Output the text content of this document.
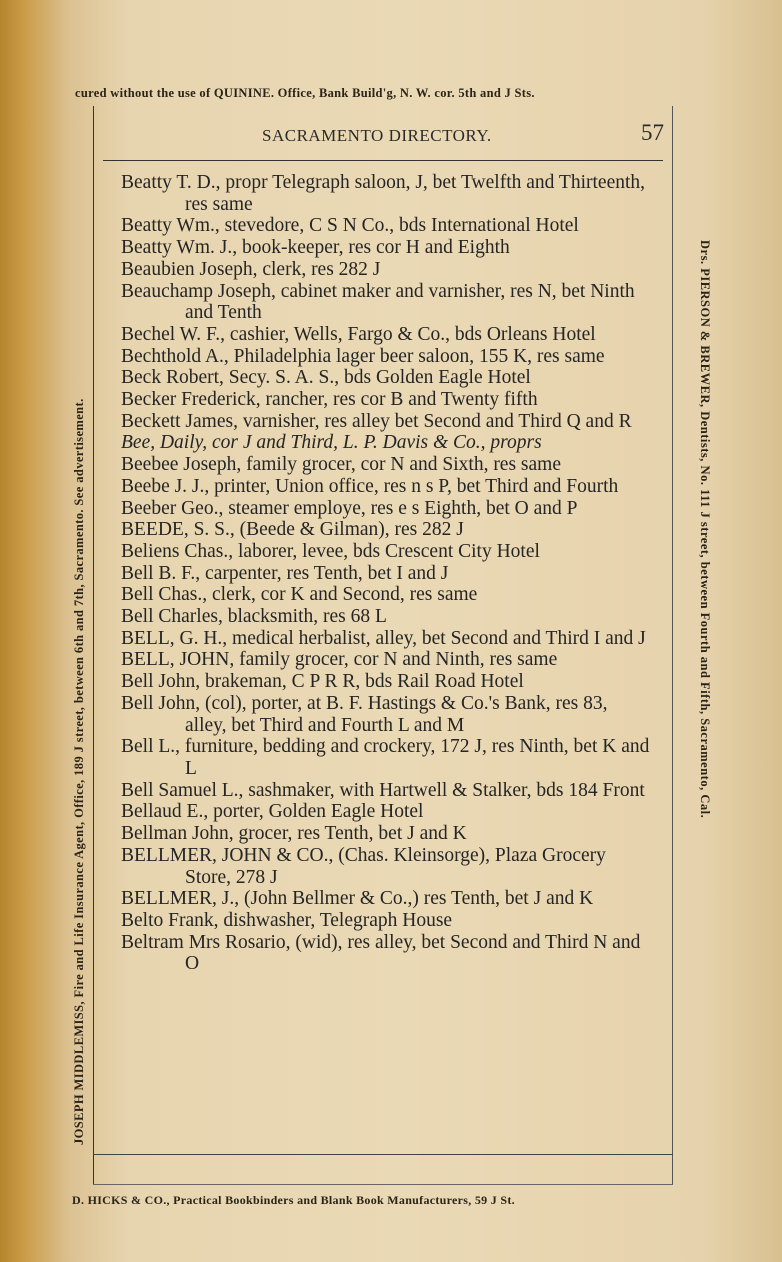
cured without the use of QUININE. Office, Bank Build'g, N. W. cor. 5th and J Sts.
JOSEPH MIDDLEMISS, Fire and Life Insurance Agent, Office, 189 J street, between 6th and 7th, Sacramento. See advertisement.	Drs. PIERSON & BREWER, Dentists, No. 111 J street, between Fourth and Fifth, Sacramento, Cal.
SACRAMENTO DIRECTORY.	57
Beatty T. D., propr Telegraph saloon, J, bet Twelfth and Thirteenth, res same
Beatty Wm., stevedore, C S N Co., bds International Hotel
Beatty Wm. J., book-keeper, res cor H and Eighth
Beaubien Joseph, clerk, res 282 J
Beauchamp Joseph, cabinet maker and varnisher, res N, bet Ninth and Tenth
Bechel W. F., cashier, Wells, Fargo & Co., bds Orleans Hotel
Bechthold A., Philadelphia lager beer saloon, 155 K, res same
Beck Robert, Secy. S. A. S., bds Golden Eagle Hotel
Becker Frederick, rancher, res cor B and Twenty fifth
Beckett James, varnisher, res alley bet Second and Third Q and R
Bee, Daily, cor J and Third, L. P. Davis & Co., proprs
Beebee Joseph, family grocer, cor N and Sixth, res same
Beebe J. J., printer, Union office, res n s P, bet Third and Fourth
Beeber Geo., steamer employe, res e s Eighth, bet O and P
BEEDE, S. S., (Beede & Gilman), res 282 J
Beliens Chas., laborer, levee, bds Crescent City Hotel
Bell B. F., carpenter, res Tenth, bet I and J
Bell Chas., clerk, cor K and Second, res same
Bell Charles, blacksmith, res 68 L
BELL, G. H., medical herbalist, alley, bet Second and Third I and J
BELL, JOHN, family grocer, cor N and Ninth, res same
Bell John, brakeman, C P R R, bds Rail Road Hotel
Bell John, (col), porter, at B. F. Hastings & Co.'s Bank, res 83, alley, bet Third and Fourth L and M
Bell L., furniture, bedding and crockery, 172 J, res Ninth, bet K and L
Bell Samuel L., sashmaker, with Hartwell & Stalker, bds 184 Front
Bellaud E., porter, Golden Eagle Hotel
Bellman John, grocer, res Tenth, bet J and K
BELLMER, JOHN & CO., (Chas. Kleinsorge), Plaza Grocery Store, 278 J
BELLMER, J., (John Bellmer & Co.,) res Tenth, bet J and K
Belto Frank, dishwasher, Telegraph House
Beltram Mrs Rosario, (wid), res alley, bet Second and Third N and O
D. HICKS & CO., Practical Bookbinders and Blank Book Manufacturers, 59 J St.
